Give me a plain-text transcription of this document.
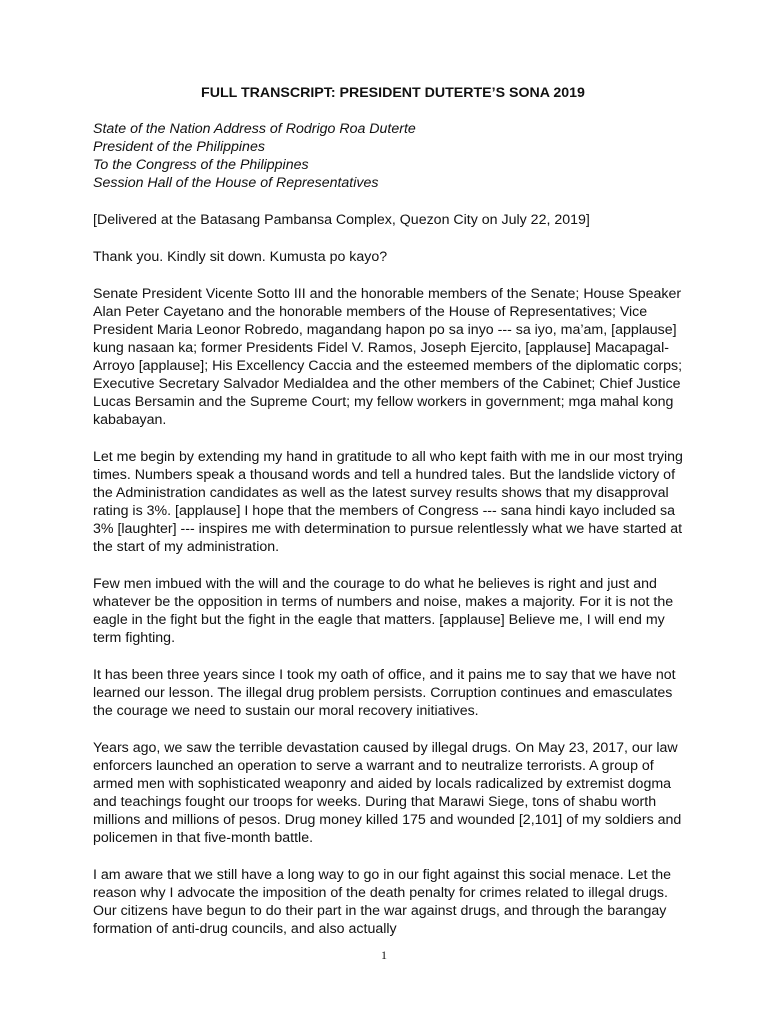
FULL TRANSCRIPT: PRESIDENT DUTERTE’S SONA 2019
State of the Nation Address of Rodrigo Roa Duterte
President of the Philippines
To the Congress of the Philippines
Session Hall of the House of Representatives

[Delivered at the Batasang Pambansa Complex, Quezon City on July 22, 2019]

Thank you. Kindly sit down. Kumusta po kayo?

Senate President Vicente Sotto III and the honorable members of the Senate; House Speaker Alan Peter Cayetano and the honorable members of the House of Representatives; Vice President Maria Leonor Robredo, magandang hapon po sa inyo --- sa iyo, ma’am, [applause] kung nasaan ka; former Presidents Fidel V. Ramos, Joseph Ejercito, [applause] Macapagal-Arroyo [applause]; His Excellency Caccia and the esteemed members of the diplomatic corps; Executive Secretary Salvador Medialdea and the other members of the Cabinet; Chief Justice Lucas Bersamin and the Supreme Court; my fellow workers in government; mga mahal kong kababayan.

Let me begin by extending my hand in gratitude to all who kept faith with me in our most trying times. Numbers speak a thousand words and tell a hundred tales. But the landslide victory of the Administration candidates as well as the latest survey results shows that my disapproval rating is 3%. [applause] I hope that the members of Congress --- sana hindi kayo included sa 3% [laughter] --- inspires me with determination to pursue relentlessly what we have started at the start of my administration.

Few men imbued with the will and the courage to do what he believes is right and just and whatever be the opposition in terms of numbers and noise, makes a majority. For it is not the eagle in the fight but the fight in the eagle that matters. [applause] Believe me, I will end my term fighting.

It has been three years since I took my oath of office, and it pains me to say that we have not learned our lesson. The illegal drug problem persists. Corruption continues and emasculates the courage we need to sustain our moral recovery initiatives.

Years ago, we saw the terrible devastation caused by illegal drugs. On May 23, 2017, our law enforcers launched an operation to serve a warrant and to neutralize terrorists. A group of armed men with sophisticated weaponry and aided by locals radicalized by extremist dogma and teachings fought our troops for weeks. During that Marawi Siege, tons of shabu worth millions and millions of pesos. Drug money killed 175 and wounded [2,101] of my soldiers and policemen in that five-month battle.

I am aware that we still have a long way to go in our fight against this social menace. Let the reason why I advocate the imposition of the death penalty for crimes related to illegal drugs. Our citizens have begun to do their part in the war against drugs, and through the barangay formation of anti-drug councils, and also actually

1
